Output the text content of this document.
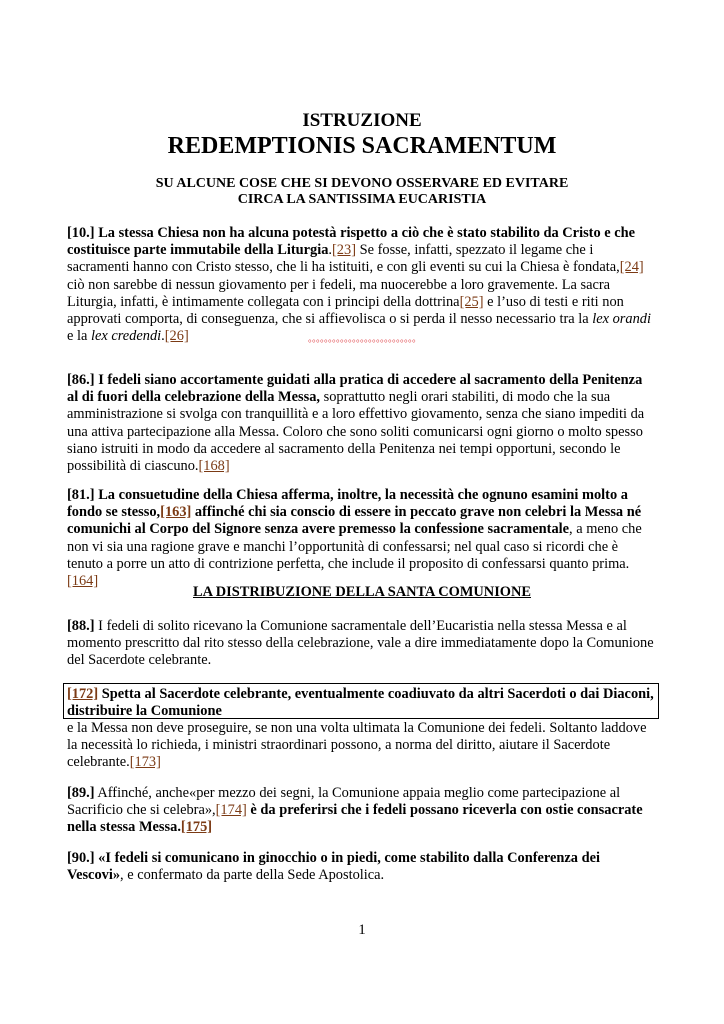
ISTRUZIONE
REDEMPTIONIS SACRAMENTUM
SU ALCUNE COSE CHE SI DEVONO OSSERVARE ED EVITARE
CIRCA LA SANTISSIMA EUCARISTIA

[10.] La stessa Chiesa non ha alcuna potestà rispetto a ciò che è stato stabilito da Cristo e che costituisce parte immutabile della Liturgia.[23] Se fosse, infatti, spezzato il legame che i sacramenti hanno con Cristo stesso, che li ha istituiti, e con gli eventi su cui la Chiesa è fondata,[24] ciò non sarebbe di nessun giovamento per i fedeli, ma nuocerebbe a loro gravemente. La sacra Liturgia, infatti, è intimamente collegata con i principi della dottrina[25] e l’uso di testi e riti non approvati comporta, di conseguenza, che si affievolisca o si perda il nesso necessario tra la lex orandi e la lex credendi.[26]	°°°°°°°°°°°°°°°°°°°°°°°°°°°

[86.] I fedeli siano accortamente guidati alla pratica di accedere al sacramento della Penitenza al di fuori della celebrazione della Messa, soprattutto negli orari stabiliti, di modo che la sua amministrazione si svolga con tranquillità e a loro effettivo giovamento, senza che siano impediti da una attiva partecipazione alla Messa. Coloro che sono soliti comunicarsi ogni giorno o molto spesso siano istruiti in modo da accedere al sacramento della Penitenza nei tempi opportuni, secondo le possibilità di ciascuno.[168]

[81.] La consuetudine della Chiesa afferma, inoltre, la necessità che ognuno esamini molto a fondo se stesso,[163] affinché chi sia conscio di essere in peccato grave non celebri la Messa né comunichi al Corpo del Signore senza avere premesso la confessione sacramentale, a meno che non vi sia una ragione grave e manchi l’opportunità di confessarsi; nel qual caso si ricordi che è tenuto a porre un atto di contrizione perfetta, che include il proposito di confessarsi quanto prima.[164]

LA DISTRIBUZIONE DELLA SANTA COMUNIONE

[88.] I fedeli di solito ricevano la Comunione sacramentale dell’Eucaristia nella stessa Messa e al momento prescritto dal rito stesso della celebrazione, vale a dire immediatamente dopo la Comunione del Sacerdote celebrante.

[172] Spetta al Sacerdote celebrante, eventualmente coadiuvato da altri Sacerdoti o dai Diaconi, distribuire la Comunione

e la Messa non deve proseguire, se non una volta ultimata la Comunione dei fedeli. Soltanto laddove la necessità lo richieda, i ministri straordinari possono, a norma del diritto, aiutare il Sacerdote celebrante.[173]

[89.] Affinché, anche«per mezzo dei segni, la Comunione appaia meglio come partecipazione al Sacrificio che si celebra»,[174] è da preferirsi che i fedeli possano riceverla con ostie consacrate nella stessa Messa.[175]

[90.] «I fedeli si comunicano in ginocchio o in piedi, come stabilito dalla Conferenza dei Vescovi», e confermato da parte della Sede Apostolica.

1
